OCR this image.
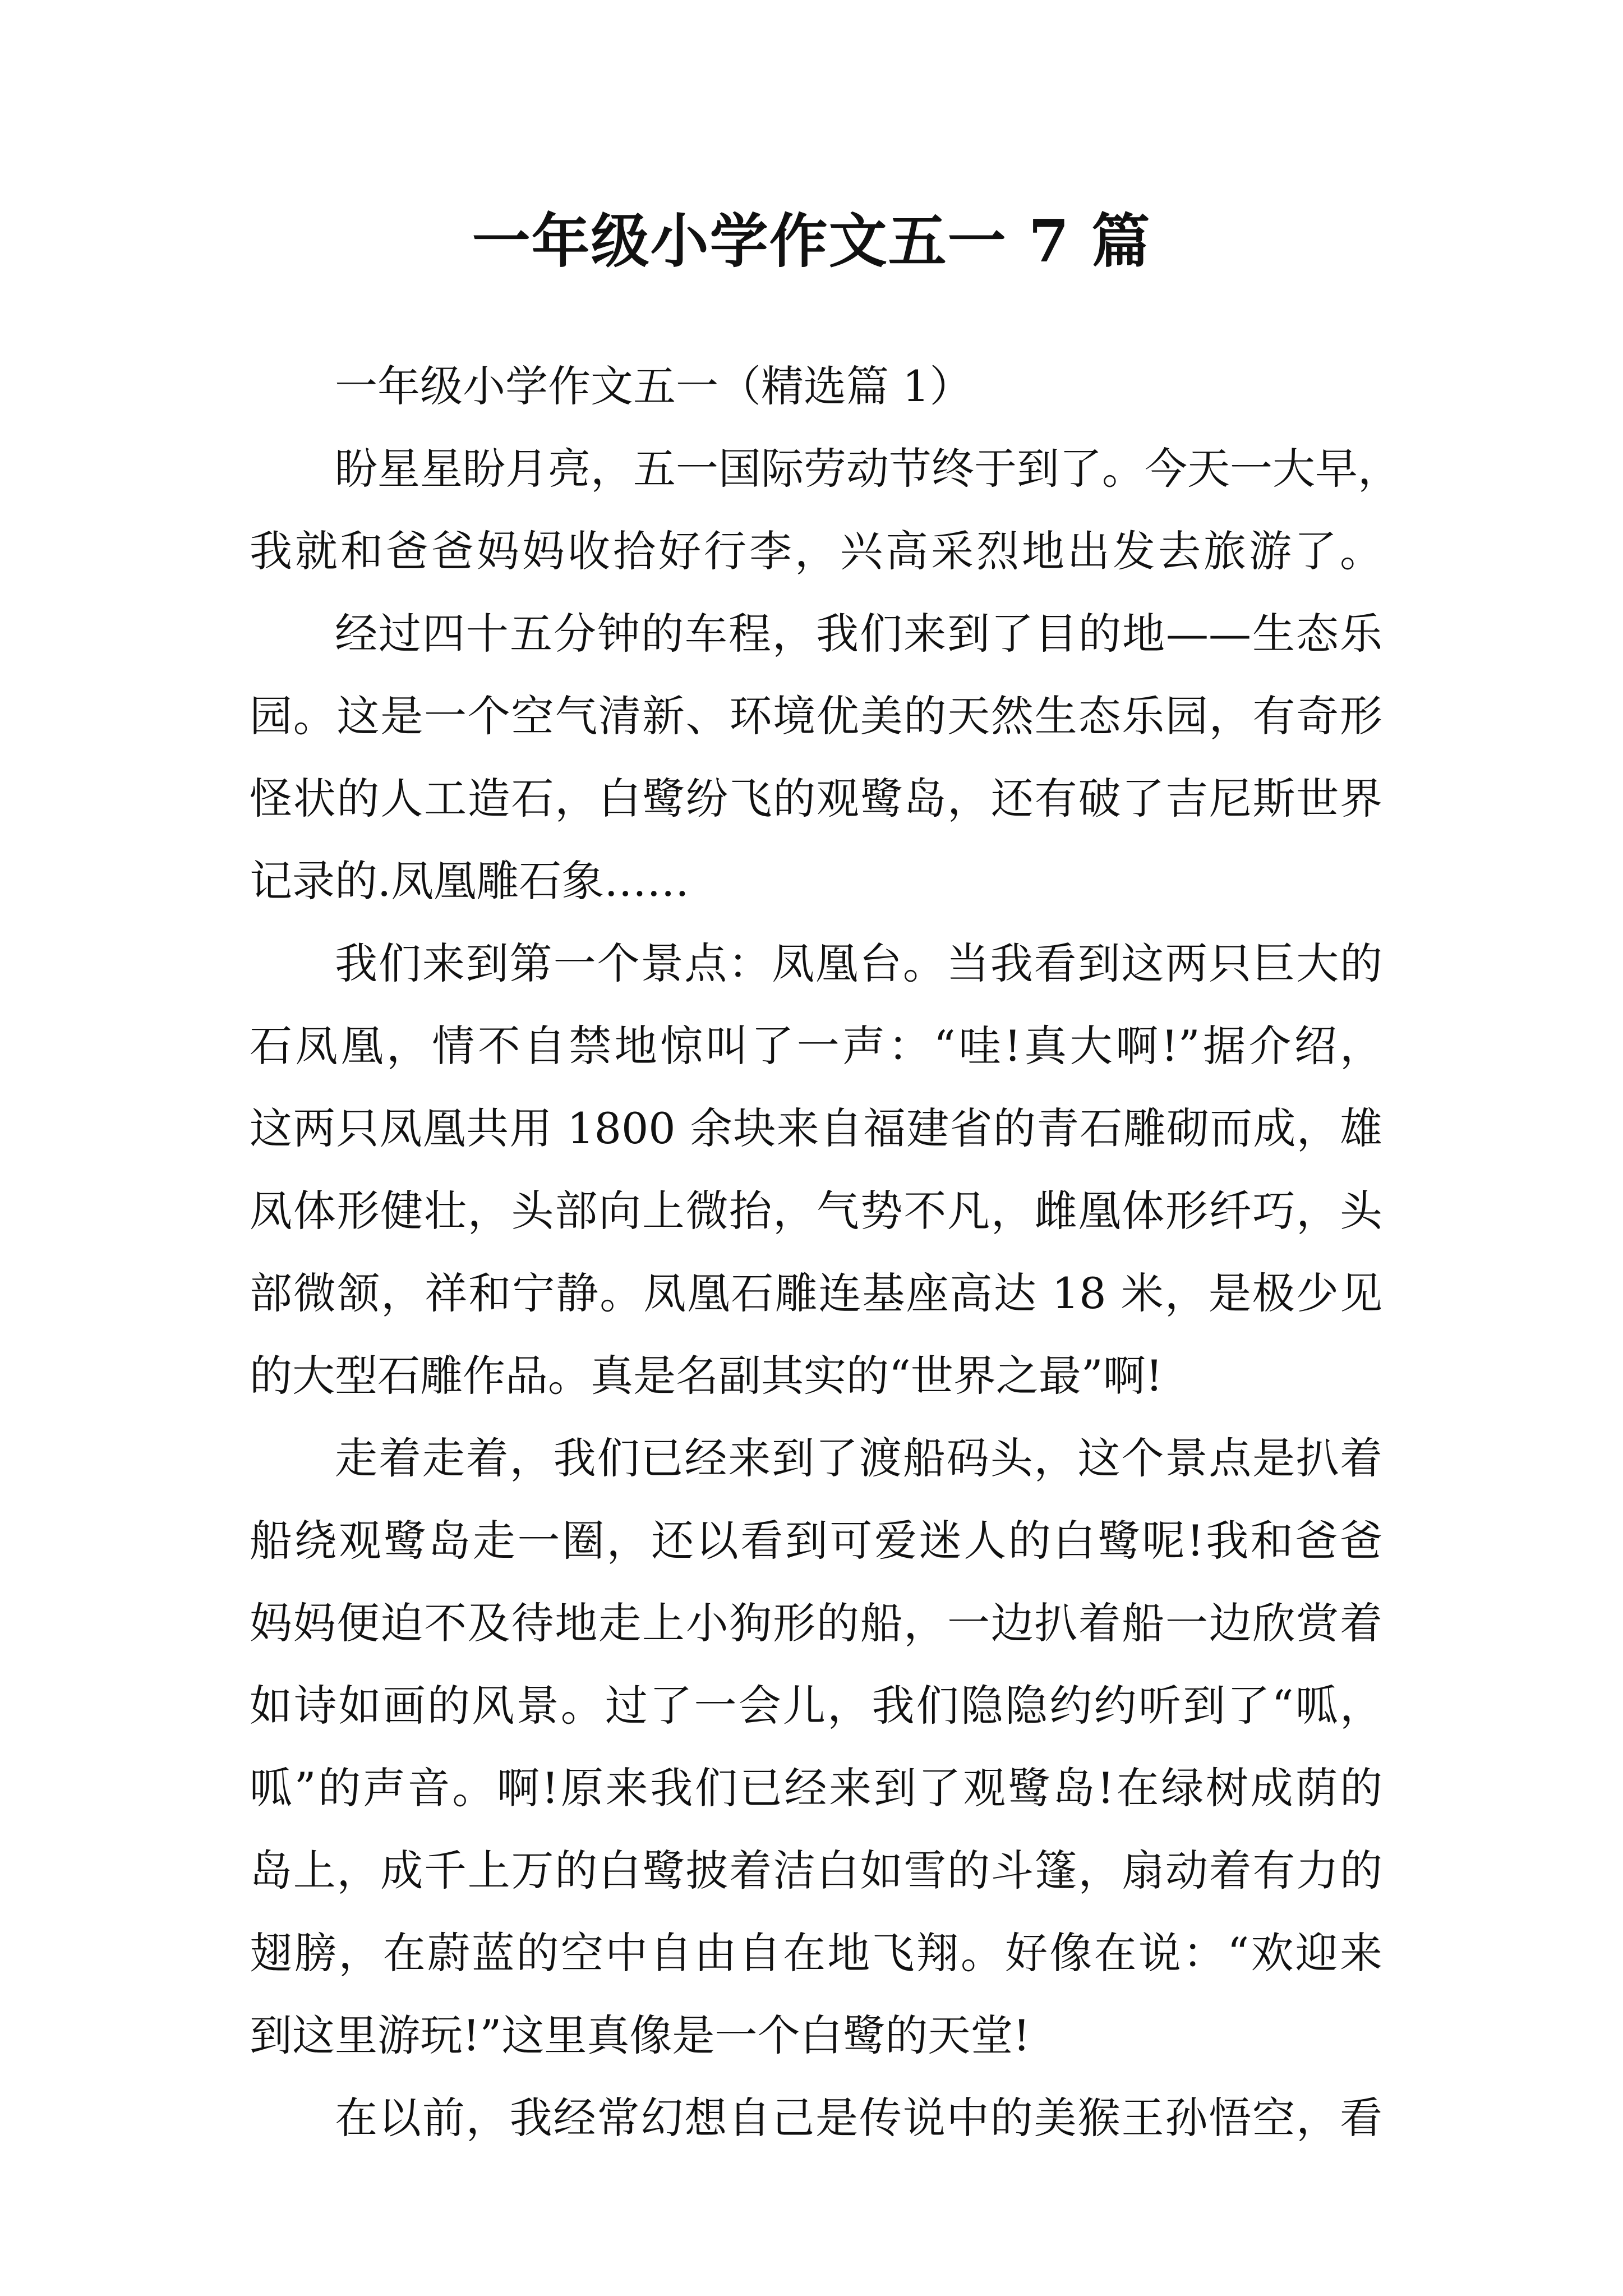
一年级小学作文五一 7 篇
一年级小学作文五一（精选篇 1）
盼星星盼月亮，五一国际劳动节终于到了。今天一大早，
我就和爸爸妈妈收拾好行李，兴高采烈地出发去旅游了。
经过四十五分钟的车程，我们来到了目的地——生态乐
园。这是一个空气清新、环境优美的天然生态乐园，有奇形
怪状的人工造石，白鹭纷飞的观鹭岛，还有破了吉尼斯世界
记录的.凤凰雕石象……
我们来到第一个景点：凤凰台。当我看到这两只巨大的
石凤凰，情不自禁地惊叫了一声：“哇!真大啊!”据介绍，
这两只凤凰共用 1800 余块来自福建省的青石雕砌而成，雄
凤体形健壮，头部向上微抬，气势不凡，雌凰体形纤巧，头
部微颔，祥和宁静。凤凰石雕连基座高达 18 米，是极少见
的大型石雕作品。真是名副其实的“世界之最”啊!
走着走着，我们已经来到了渡船码头，这个景点是扒着
船绕观鹭岛走一圈，还以看到可爱迷人的白鹭呢!我和爸爸
妈妈便迫不及待地走上小狗形的船，一边扒着船一边欣赏着
如诗如画的风景。过了一会儿，我们隐隐约约听到了“呱，
呱”的声音。啊!原来我们已经来到了观鹭岛!在绿树成荫的
岛上，成千上万的白鹭披着洁白如雪的斗篷，扇动着有力的
翅膀，在蔚蓝的空中自由自在地飞翔。好像在说：“欢迎来
到这里游玩!”这里真像是一个白鹭的天堂!
在以前，我经常幻想自己是传说中的美猴王孙悟空，看
